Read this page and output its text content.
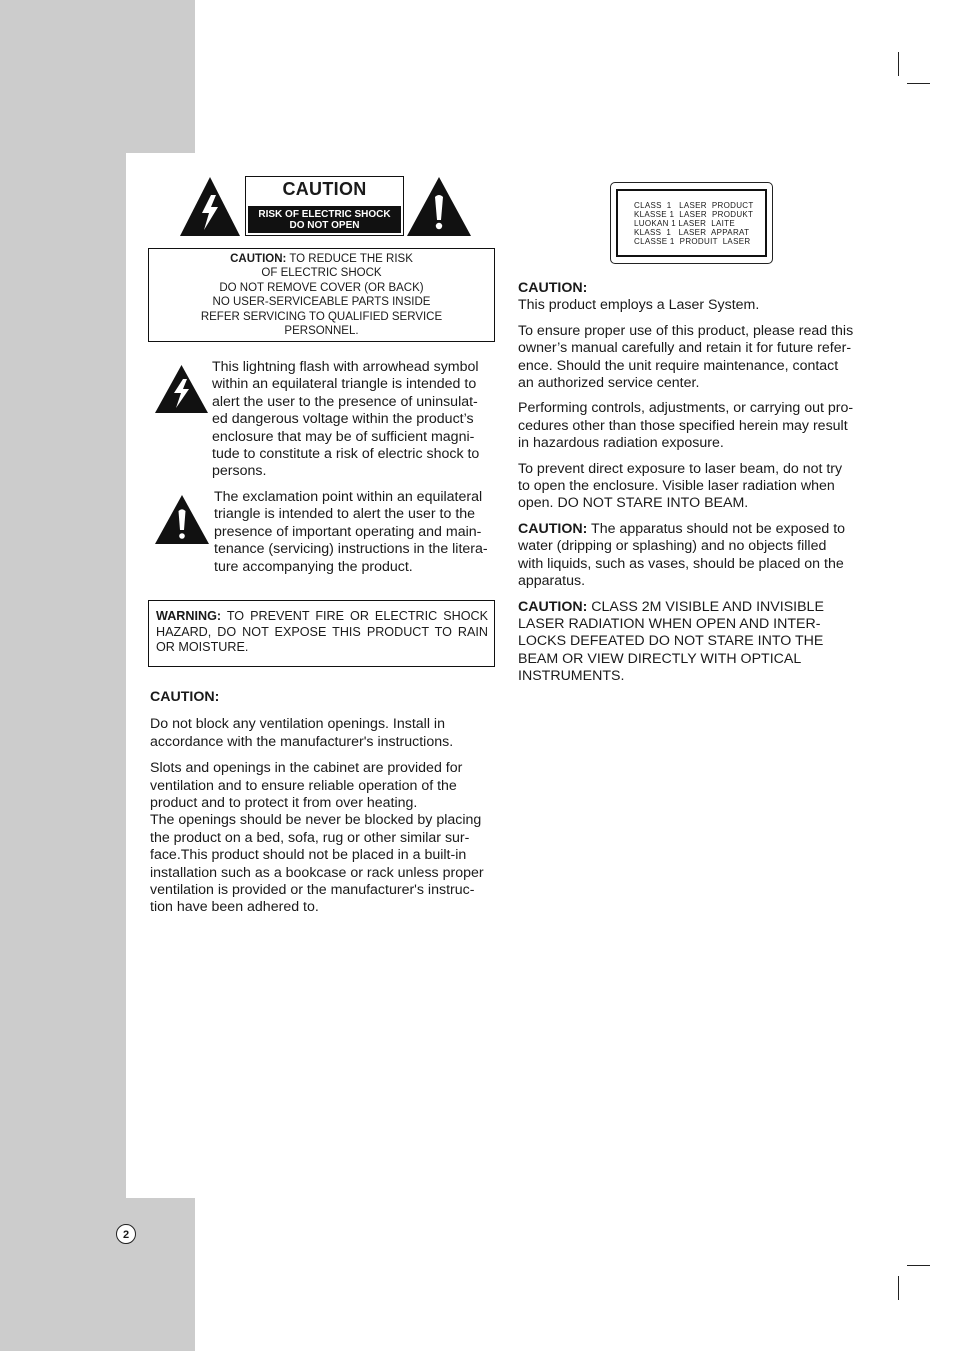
CAUTION
RISK OF ELECTRIC SHOCK
DO NOT OPEN
CAUTION: TO REDUCE THE RISK
OF ELECTRIC SHOCK
DO NOT REMOVE COVER (OR BACK)
NO USER-SERVICEABLE PARTS INSIDE
REFER SERVICING TO QUALIFIED SERVICE
PERSONNEL.
This lightning flash with arrowhead symbol
within an equilateral triangle is intended to
alert the user to the presence of uninsulat-
ed dangerous voltage within the product’s
enclosure that may be of sufficient magni-
tude to constitute a risk of electric shock to
persons.
The exclamation point within an equilateral
triangle is intended to alert the user to the
presence of important operating and main-
tenance (servicing) instructions in the litera-
ture accompanying the product.
WARNING: TO PREVENT FIRE OR ELECTRIC SHOCK HAZARD, DO NOT EXPOSE THIS PRODUCT TO RAIN OR MOISTURE.

CAUTION:

Do not block any ventilation openings. Install in
accordance with the manufacturer's instructions.
Slots and openings in the cabinet are provided for
ventilation and to ensure reliable operation of the
product and to protect it from over heating.
The openings should be never be blocked by placing
the product on a bed, sofa, rug or other similar sur-
face.This product should not be placed in a built-in
installation such as a bookcase or rack unless proper
ventilation is provided or the manufacturer's instruc-
tion have been adhered to.
CLASS  1   LASER  PRODUCT
KLASSE 1  LASER  PRODUKT
LUOKAN 1 LASER  LAITE
KLASS  1   LASER  APPARAT
CLASSE 1  PRODUIT  LASER

CAUTION:

This product employs a Laser System.

To ensure proper use of this product, please read this
owner’s manual carefully and retain it for future refer-
ence. Should the unit require maintenance, contact
an authorized service center.
Performing controls, adjustments, or carrying out pro-
cedures other than those specified herein may result
in hazardous radiation exposure.
To prevent direct exposure to laser beam, do not try
to open the enclosure. Visible laser radiation when
open. DO NOT STARE INTO BEAM.
CAUTION: The apparatus should not be exposed to
water (dripping or splashing) and no objects filled
with liquids, such as vases, should be placed on the
apparatus.
CAUTION: CLASS 2M VISIBLE AND INVISIBLE
LASER RADIATION WHEN OPEN AND INTER-
LOCKS DEFEATED DO NOT STARE INTO THE
BEAM OR VIEW DIRECTLY WITH OPTICAL
INSTRUMENTS.
2
